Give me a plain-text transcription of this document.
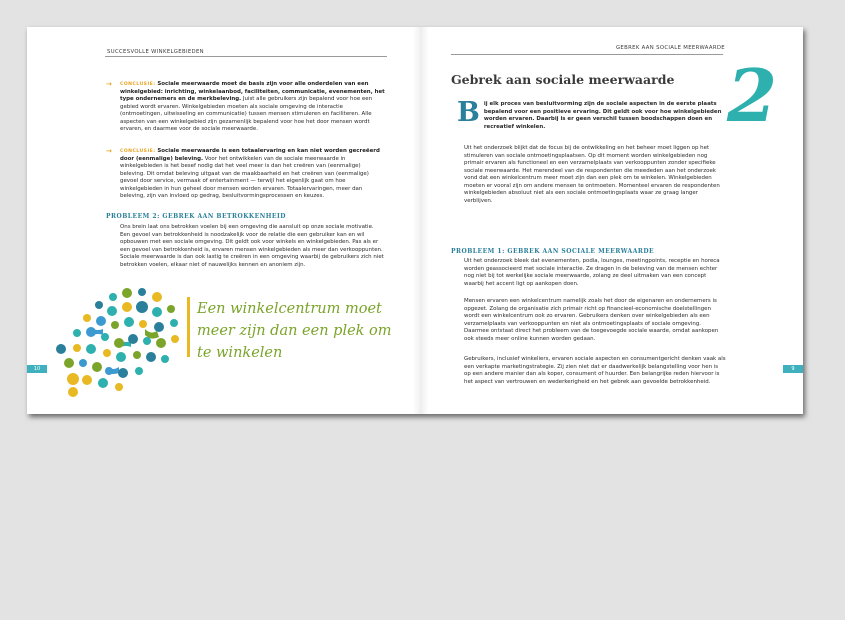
SUCCESVOLLE WINKELGEBIEDEN
→ CONCLUSIE: Sociale meerwaarde moet de basis zijn voor alle onderdelen van een winkelgebied: inrichting, winkelaanbod, faciliteiten, communicatie, evenementen, het type ondernemers en de merkbeleving. Juist alle gebruikers zijn bepalend voor hoe een gebied wordt ervaren. Winkelgebieden moeten als sociale omgeving de interactie (ontmoetingen, uitwisseling en communicatie) tussen mensen stimuleren en faciliteren. Alle aspecten van een winkelgebied zijn gezamenlijk bepalend voor hoe het door mensen wordt ervaren, en daarmee voor de sociale meerwaarde.
→ CONCLUSIE: Sociale meerwaarde is een totaalervaring en kan niet worden gecreëerd door (eenmalige) beleving. Voor het ontwikkelen van de sociale meerwaarde in winkelgebieden is het besef nodig dat het veel meer is dan het creëren van (eenmalige) beleving. Dit omdat beleving uitgaat van de maakbaarheid en het creëren van (eenmalige) gevoel door service, vermaak of entertainment — terwijl het eigenlijk gaat om hoe winkelgebieden in hun geheel door mensen worden ervaren. Totaalervaringen, meer dan beleving, zijn van invloed op gedrag, besluitvormingsprocessen en keuzes.
PROBLEEM 2: GEBREK AAN BETROKKENHEID
Ons brein laat ons betrokken voelen bij een omgeving die aansluit op onze sociale motivatie. Een gevoel van betrokkenheid is noodzakelijk voor de relatie die een gebruiker kan en wil opbouwen met een sociale omgeving. Dit geldt ook voor winkels en winkelgebieden. Pas als er een gevoel van betrokkenheid is, ervaren mensen winkelgebieden als meer dan verkooppunten. Sociale meerwaarde is dan ook lastig te creëren in een omgeving waarbij de gebruikers zich niet betrokken voelen, elkaar niet of nauwelijks kennen en anoniem zijn.
Een winkelcentrum moet meer zijn dan een plek om te winkelen
10
GEBREK AAN SOCIALE MEERWAARDE
Gebrek aan sociale meerwaarde 2
B ij elk proces van besluitvorming zijn de sociale aspecten in de eerste plaats bepalend voor een positieve ervaring. Dit geldt ook voor hoe winkelgebieden worden ervaren. Daarbij is er geen verschil tussen boodschappen doen en recreatief winkelen.
Uit het onderzoek blijkt dat de focus bij de ontwikkeling en het beheer moet liggen op het stimuleren van sociale ontmoetingsplaatsen. Op dit moment worden winkelgebieden nog primair ervaren als functioneel en een verzamelplaats van verkooppunten zonder specifieke sociale meerwaarde. Het merendeel van de respondenten die meededen aan het onderzoek vond dat een winkelcentrum meer moet zijn dan een plek om te winkelen. Winkelgebieden moeten er vooral zijn om andere mensen te ontmoeten. Momenteel ervaren de respondenten winkelgebieden absoluut niet als een sociale ontmoetingsplaats waar ze graag langer verblijven.
PROBLEEM 1: GEBREK AAN SOCIALE MEERWAARDE
Uit het onderzoek bleek dat evenementen, podia, lounges, meetingpoints, receptie en horeca worden geassocieerd met sociale interactie. Ze dragen in de beleving van de mensen echter nog niet bij tot werkelijke sociale meerwaarde, zolang ze deel uitmaken van een concept waarbij het accent ligt op aankopen doen.
Mensen ervaren een winkelcentrum namelijk zoals het door de eigenaren en ondernemers is opgezet. Zolang de organisatie zich primair richt op financieel-economische doelstellingen wordt een winkelcentrum ook zo ervaren. Gebruikers denken over winkelgebieden als een verzamelplaats van verkooppunten en niet als ontmoetingsplaats of sociale omgeving. Daarmee ontstaat direct het probleem van de toegevoegde sociale waarde, omdat aankopen ook steeds meer online kunnen worden gedaan.
Gebruikers, inclusief winkeliers, ervaren sociale aspecten en consumentgericht denken vaak als een verkapte marketingstrategie. Zij zien niet dat er daadwerkelijk belangstelling voor hen is op een andere manier dan als koper, consument of huurder. Een belangrijke reden hiervoor is het aspect van vertrouwen en wederkerigheid en het gebrek aan gevoelde betrokkenheid.
9
